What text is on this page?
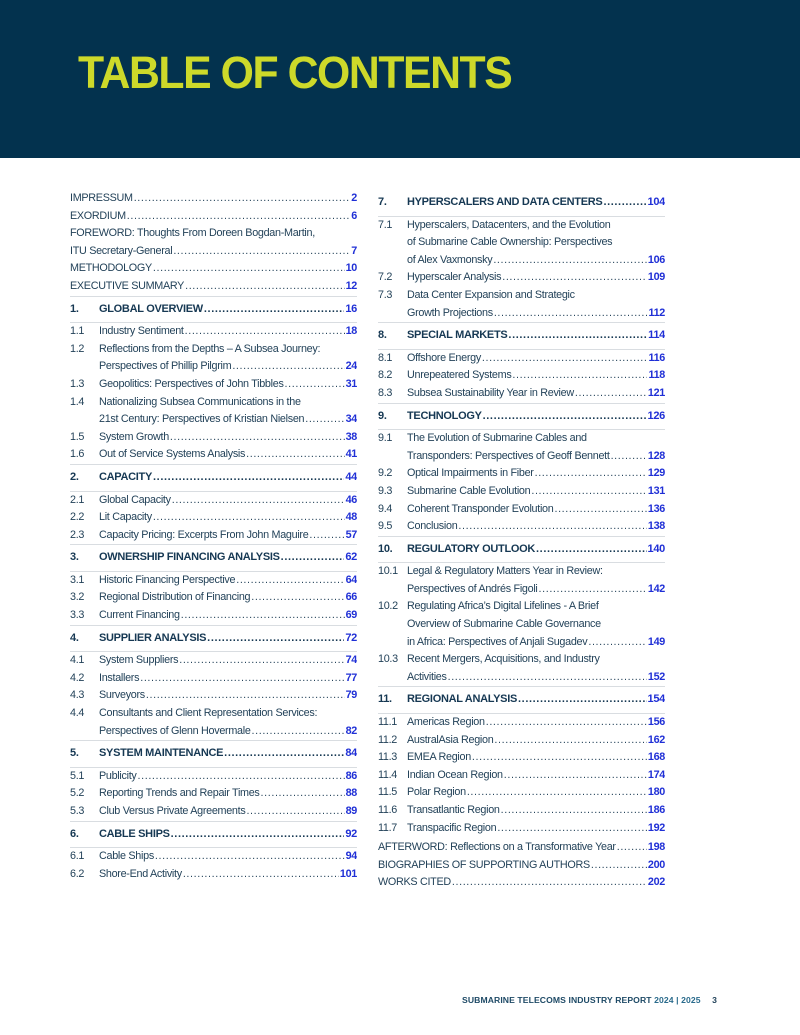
TABLE OF CONTENTS
IMPRESSUM .....	2
EXORDIUM .....	6
FOREWORD: Thoughts From Doreen Bogdan-Martin,
ITU Secretary-General .....	7
METHODOLOGY .....	10
EXECUTIVE SUMMARY .....	12
1.	GLOBAL OVERVIEW .....	16
1.1	Industry Sentiment .....	18
1.2	Reflections from the Depths – A Subsea Journey:
Perspectives of Phillip Pilgrim .....	24
1.3	Geopolitics: Perspectives of John Tibbles .....	31
1.4	Nationalizing Subsea Communications in the
21st Century: Perspectives of Kristian Nielsen .....	34
1.5	System Growth .....	38
1.6	Out of Service Systems Analysis .....	41
2.	CAPACITY .....	44
2.1	Global Capacity .....	46
2.2	Lit Capacity .....	48
2.3	Capacity Pricing: Excerpts From John Maguire .....	57
3.	OWNERSHIP FINANCING ANALYSIS .....	62
3.1	Historic Financing Perspective .....	64
3.2	Regional Distribution of Financing .....	66
3.3	Current Financing .....	69
4.	SUPPLIER ANALYSIS .....	72
4.1	System Suppliers .....	74
4.2	Installers .....	77
4.3	Surveyors .....	79
4.4	Consultants and Client Representation Services:
Perspectives of Glenn Hovermale .....	82
5.	SYSTEM MAINTENANCE .....	84
5.1	Publicity .....	86
5.2	Reporting Trends and Repair Times .....	88
5.3	Club Versus Private Agreements .....	89
6.	CABLE SHIPS .....	92
6.1	Cable Ships .....	94
6.2	Shore-End Activity .....	101
7.	HYPERSCALERS AND DATA CENTERS .....	104
7.1	Hyperscalers, Datacenters, and the Evolution
of Submarine Cable Ownership: Perspectives
of Alex Vaxmonsky .....	106
7.2	Hyperscaler Analysis .....	109
7.3	Data Center Expansion and Strategic
Growth Projections .....	112
8.	SPECIAL MARKETS .....	114
8.1	Offshore Energy .....	116
8.2	Unrepeatered Systems .....	118
8.3	Subsea Sustainability Year in Review .....	121
9.	TECHNOLOGY .....	126
9.1	The Evolution of Submarine Cables and
Transponders: Perspectives of Geoff Bennett .....	128
9.2	Optical Impairments in Fiber .....	129
9.3	Submarine Cable Evolution .....	131
9.4	Coherent Transponder Evolution .....	136
9.5	Conclusion .....	138
10.	REGULATORY OUTLOOK .....	140
10.1 Legal & Regulatory Matters Year in Review:
Perspectives of Andrés Figoli .....	142
10.2 Regulating Africa’s Digital Lifelines - A Brief
Overview of Submarine Cable Governance
in Africa: Perspectives of Anjali Sugadev .....	149
10.3 Recent Mergers, Acquisitions, and Industry
Activities .....	152
11.	REGIONAL ANALYSIS .....	154
11.1 Americas Region .....	156
11.2 AustralAsia Region .....	162
11.3 EMEA Region .....	168
11.4 Indian Ocean Region .....	174
11.5 Polar Region .....	180
11.6 Transatlantic Region .....	186
11.7 Transpacific Region .....	192
AFTERWORD: Reflections on a Transformative Year .....	198
BIOGRAPHIES OF SUPPORTING AUTHORS .....	200
WORKS CITED .....	202
SUBMARINE TELECOMS INDUSTRY REPORT 2024 | 2025 3
